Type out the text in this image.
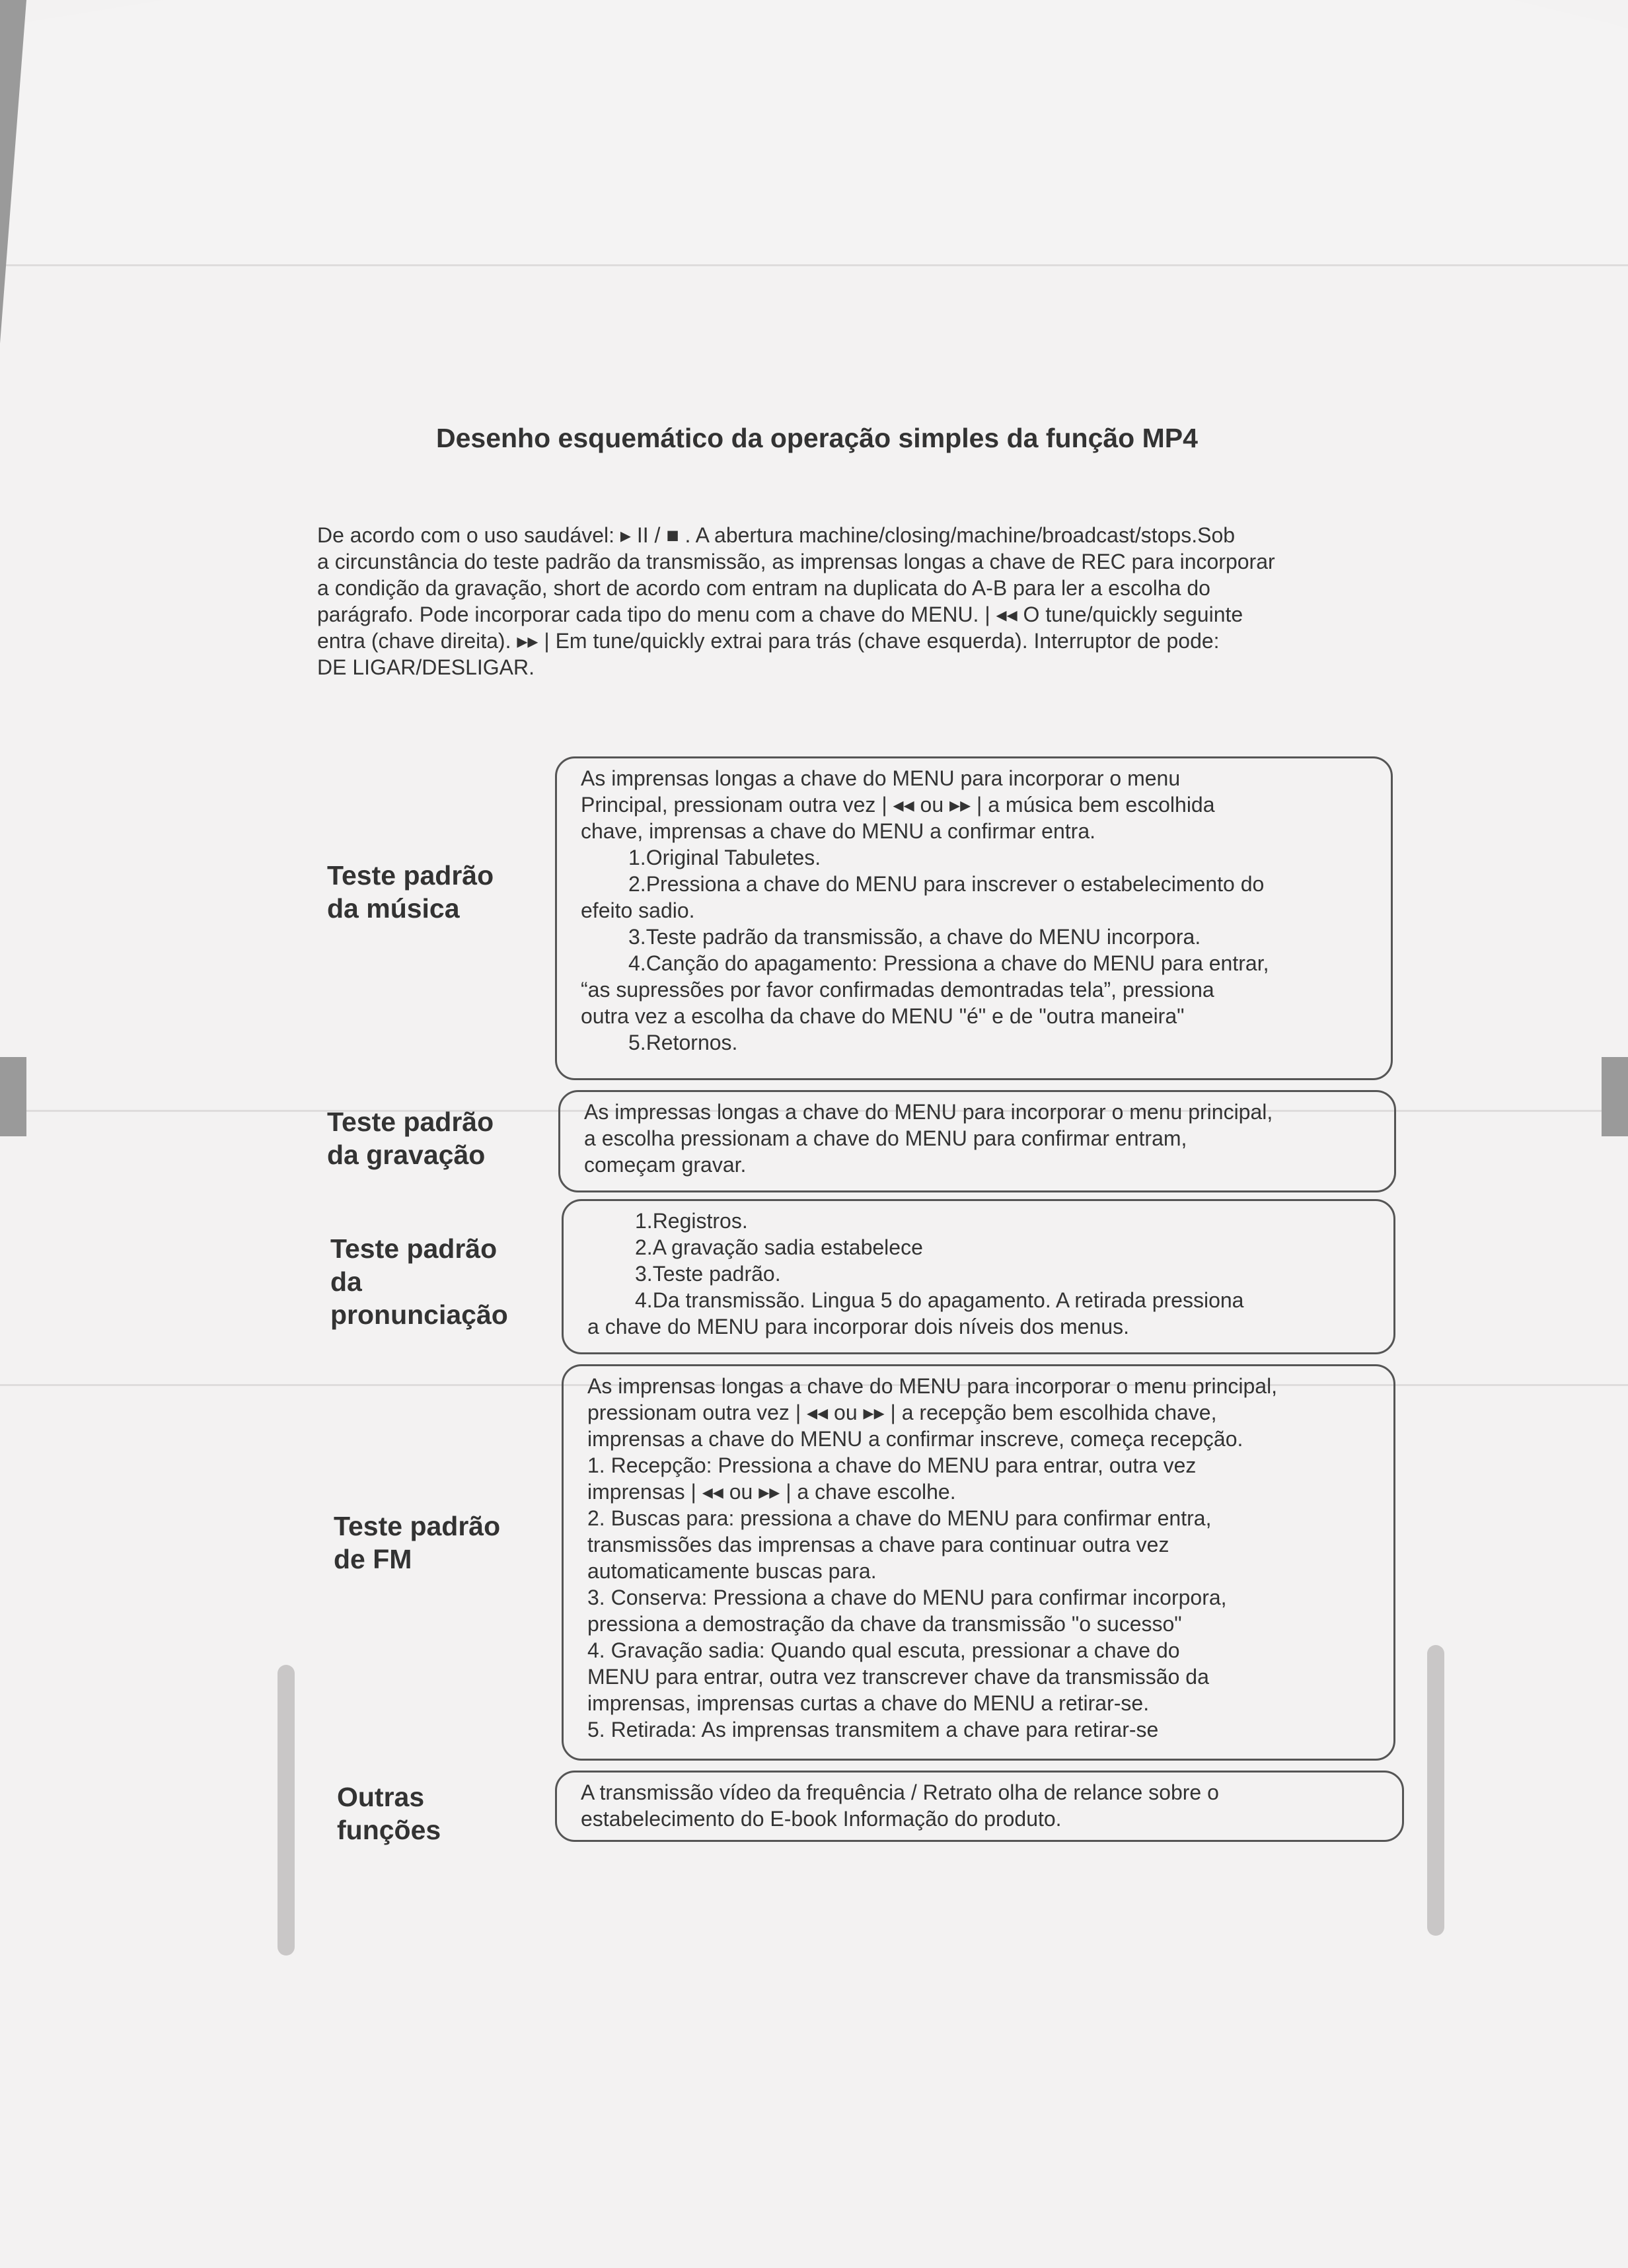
Desenho esquemático da operação simples da função MP4

De acordo com o uso saudável: ▸ II / ■ . A abertura machine/closing/machine/broadcast/stops.Sob

a circunstância do teste padrão da transmissão, as imprensas longas a chave de REC para incorporar

a condição da gravação, short de acordo com entram na duplicata do A-B para ler a escolha do

parágrafo. Pode incorporar cada tipo do menu com a chave do MENU. | ◂◂ O tune/quickly seguinte

entra (chave direita). ▸▸ | Em tune/quickly extrai para trás (chave esquerda). Interruptor de pode:

DE LIGAR/DESLIGAR.

Teste padrão
da música

As imprensas longas a chave do MENU para incorporar o menu

Principal, pressionam outra vez | ◂◂ ou ▸▸ | a música bem escolhida

chave, imprensas a chave do MENU a confirmar entra.

1.Original Tabuletes.

2.Pressiona a chave do MENU para inscrever o estabelecimento do

efeito sadio.

3.Teste padrão da transmissão, a chave do MENU incorpora.

4.Canção do apagamento: Pressiona a chave do MENU para entrar,

“as supressões por favor confirmadas demontradas tela”, pressiona

outra vez a escolha da chave do MENU "é" e de "outra maneira"

5.Retornos.

Teste padrão
da gravação

As impressas longas a chave do MENU para incorporar o menu principal,

a escolha pressionam a chave do MENU para confirmar entram,

começam gravar.

Teste padrão
da
pronunciação

1.Registros.

2.A gravação sadia estabelece

3.Teste padrão.

4.Da transmissão. Lingua 5 do apagamento. A retirada pressiona

a chave do MENU para incorporar dois níveis dos menus.

Teste padrão
de FM

As imprensas longas a chave do MENU para incorporar o menu principal,

pressionam outra vez | ◂◂ ou ▸▸ | a recepção bem escolhida chave,

imprensas a chave do MENU a confirmar inscreve, começa recepção.

1. Recepção: Pressiona a chave do MENU para entrar, outra vez

imprensas | ◂◂ ou ▸▸ | a chave escolhe.

2. Buscas para: pressiona a chave do MENU para confirmar entra,

transmissões das imprensas a chave para continuar outra vez

automaticamente buscas para.

3. Conserva: Pressiona a chave do MENU para confirmar incorpora,

pressiona a demostração da chave da transmissão "o sucesso"

4. Gravação sadia: Quando qual escuta, pressionar a chave do

MENU para entrar, outra vez transcrever chave da transmissão da

imprensas, imprensas curtas a chave do MENU a retirar-se.

5. Retirada: As imprensas transmitem a chave para retirar-se

Outras
funções

A transmissão vídeo da frequência / Retrato olha de relance sobre o

estabelecimento do E-book Informação do produto.
